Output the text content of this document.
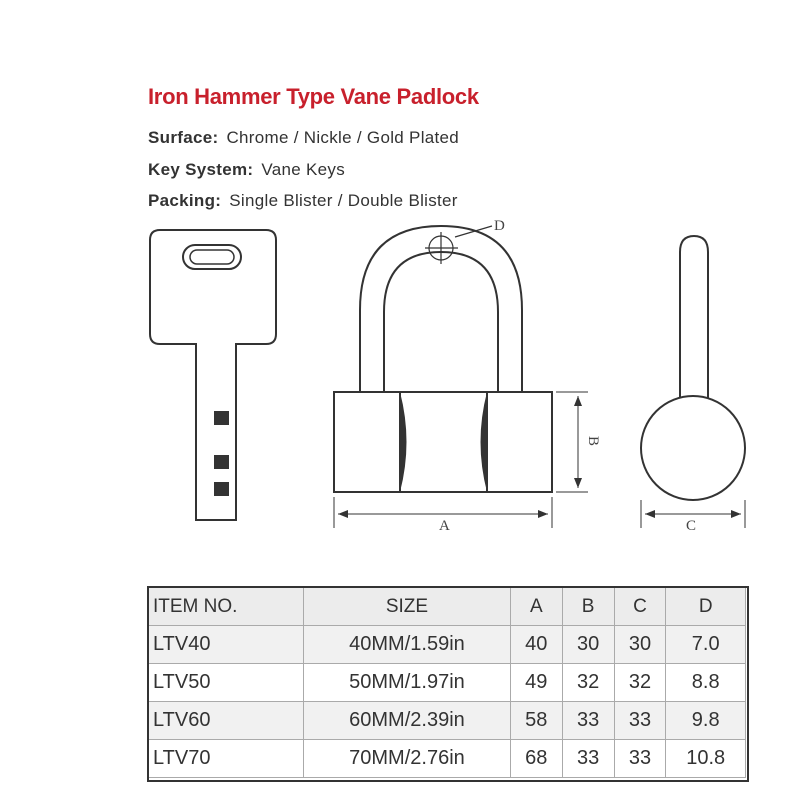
Iron Hammer Type Vane Padlock
Surface: Chrome / Nickle / Gold Plated
Key System: Vane Keys
Packing: Single Blister / Double Blister
A
B
C
D
ITEM NO.	SIZE	A	B	C	D
LTV40	40MM/1.59in	40	30	30	7.0
LTV50	50MM/1.97in	49	32	32	8.8
LTV60	60MM/2.39in	58	33	33	9.8
LTV70	70MM/2.76in	68	33	33	10.8
